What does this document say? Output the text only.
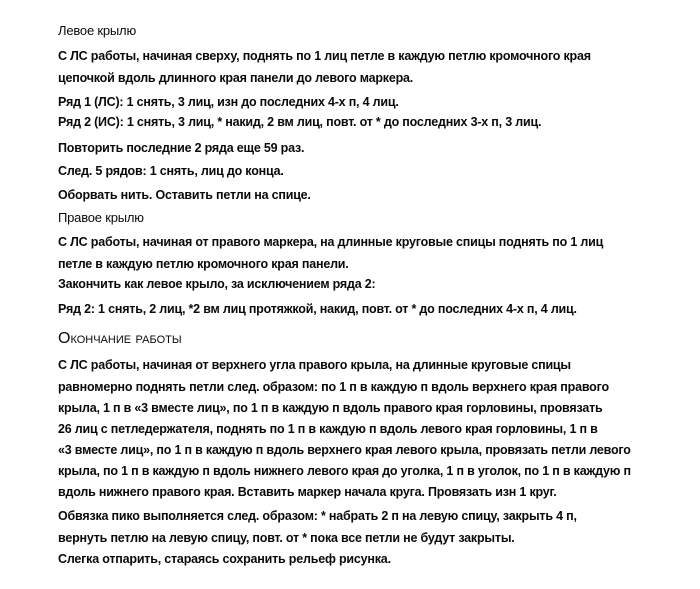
Левое крылю
С ЛС работы, начиная сверху, поднять по 1 лиц петле в каждую петлю кромочного края
цепочкой вдоль длинного края панели до левого маркера.
Ряд 1 (ЛС): 1 снять, 3 лиц, изн до последних 4-х п, 4 лиц.
Ряд 2 (ИС): 1 снять, 3 лиц, * накид, 2 вм лиц, повт. от * до последних 3-х п, 3 лиц.
Повторить последние 2 ряда еще 59 раз.
След. 5 рядов: 1 снять, лиц до конца.
Оборвать нить. Оставить петли на спице.
Правое крылю
С ЛС работы, начиная от правого маркера, на длинные круговые спицы поднять по 1 лиц
петле в каждую петлю кромочного края панели.
Закончить как левое крыло, за исключением ряда 2:
Ряд 2: 1 снять, 2 лиц, *2 вм лиц протяжкой, накид, повт. от * до последних 4-х п, 4 лиц.
Окончание работы
С ЛС работы, начиная от верхнего угла правого крыла, на длинные круговые спицы
равномерно поднять петли след. образом: по 1 п в каждую п вдоль верхнего края правого
крыла, 1 п в «3 вместе лиц», по 1 п в каждую п вдоль правого края горловины, провязать
26 лиц с петледержателя, поднять по 1 п в каждую п вдоль левого края горловины, 1 п в
«3 вместе лиц», по 1 п в каждую п вдоль верхнего края левого крыла, провязать петли левого
крыла, по 1 п в каждую п вдоль нижнего левого края до уголка, 1 п в уголок, по 1 п в каждую п
вдоль нижнего правого края. Вставить маркер начала круга. Провязать изн 1 круг.
Обвязка пико выполняется след. образом: * набрать 2 п на левую спицу, закрыть 4 п,
вернуть петлю на левую спицу, повт. от * пока все петли не будут закрыты.
Слегка отпарить, стараясь сохранить рельеф рисунка.
